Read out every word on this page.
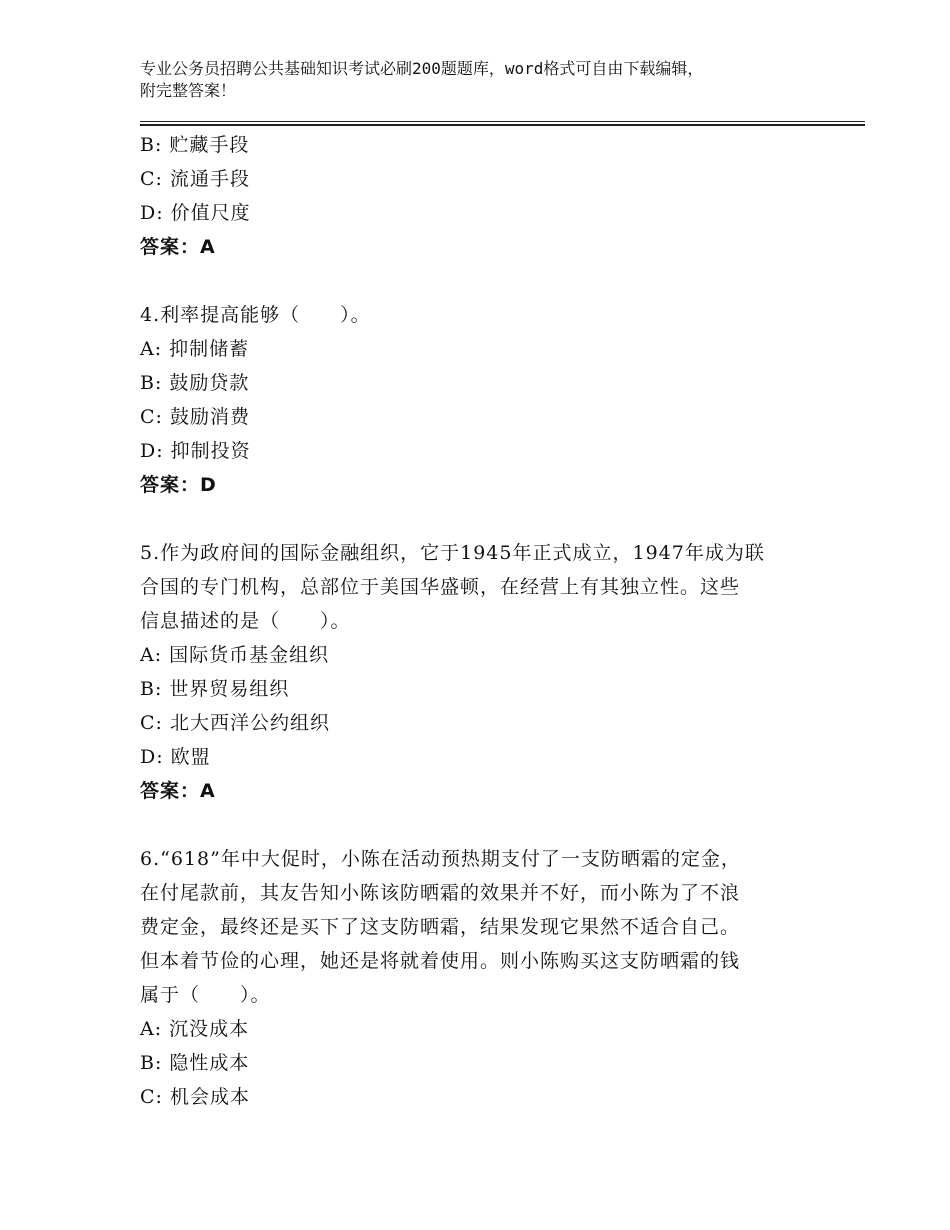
专业公务员招聘公共基础知识考试必刷200题题库，word格式可自由下载编辑，
附完整答案！
B: 贮藏手段
C: 流通手段
D: 价值尺度
答案：A
4.利率提高能够（　　）。
A: 抑制储蓄
B: 鼓励贷款
C: 鼓励消费
D: 抑制投资
答案：D
5.作为政府间的国际金融组织，它于1945年正式成立，1947年成为联
合国的专门机构，总部位于美国华盛顿，在经营上有其独立性。这些
信息描述的是（　　）。
A: 国际货币基金组织
B: 世界贸易组织
C: 北大西洋公约组织
D: 欧盟
答案：A
6.“618”年中大促时，小陈在活动预热期支付了一支防晒霜的定金，
在付尾款前，其友告知小陈该防晒霜的效果并不好，而小陈为了不浪
费定金，最终还是买下了这支防晒霜，结果发现它果然不适合自己。
但本着节俭的心理，她还是将就着使用。则小陈购买这支防晒霜的钱
属于（　　）。
A: 沉没成本
B: 隐性成本
C: 机会成本
